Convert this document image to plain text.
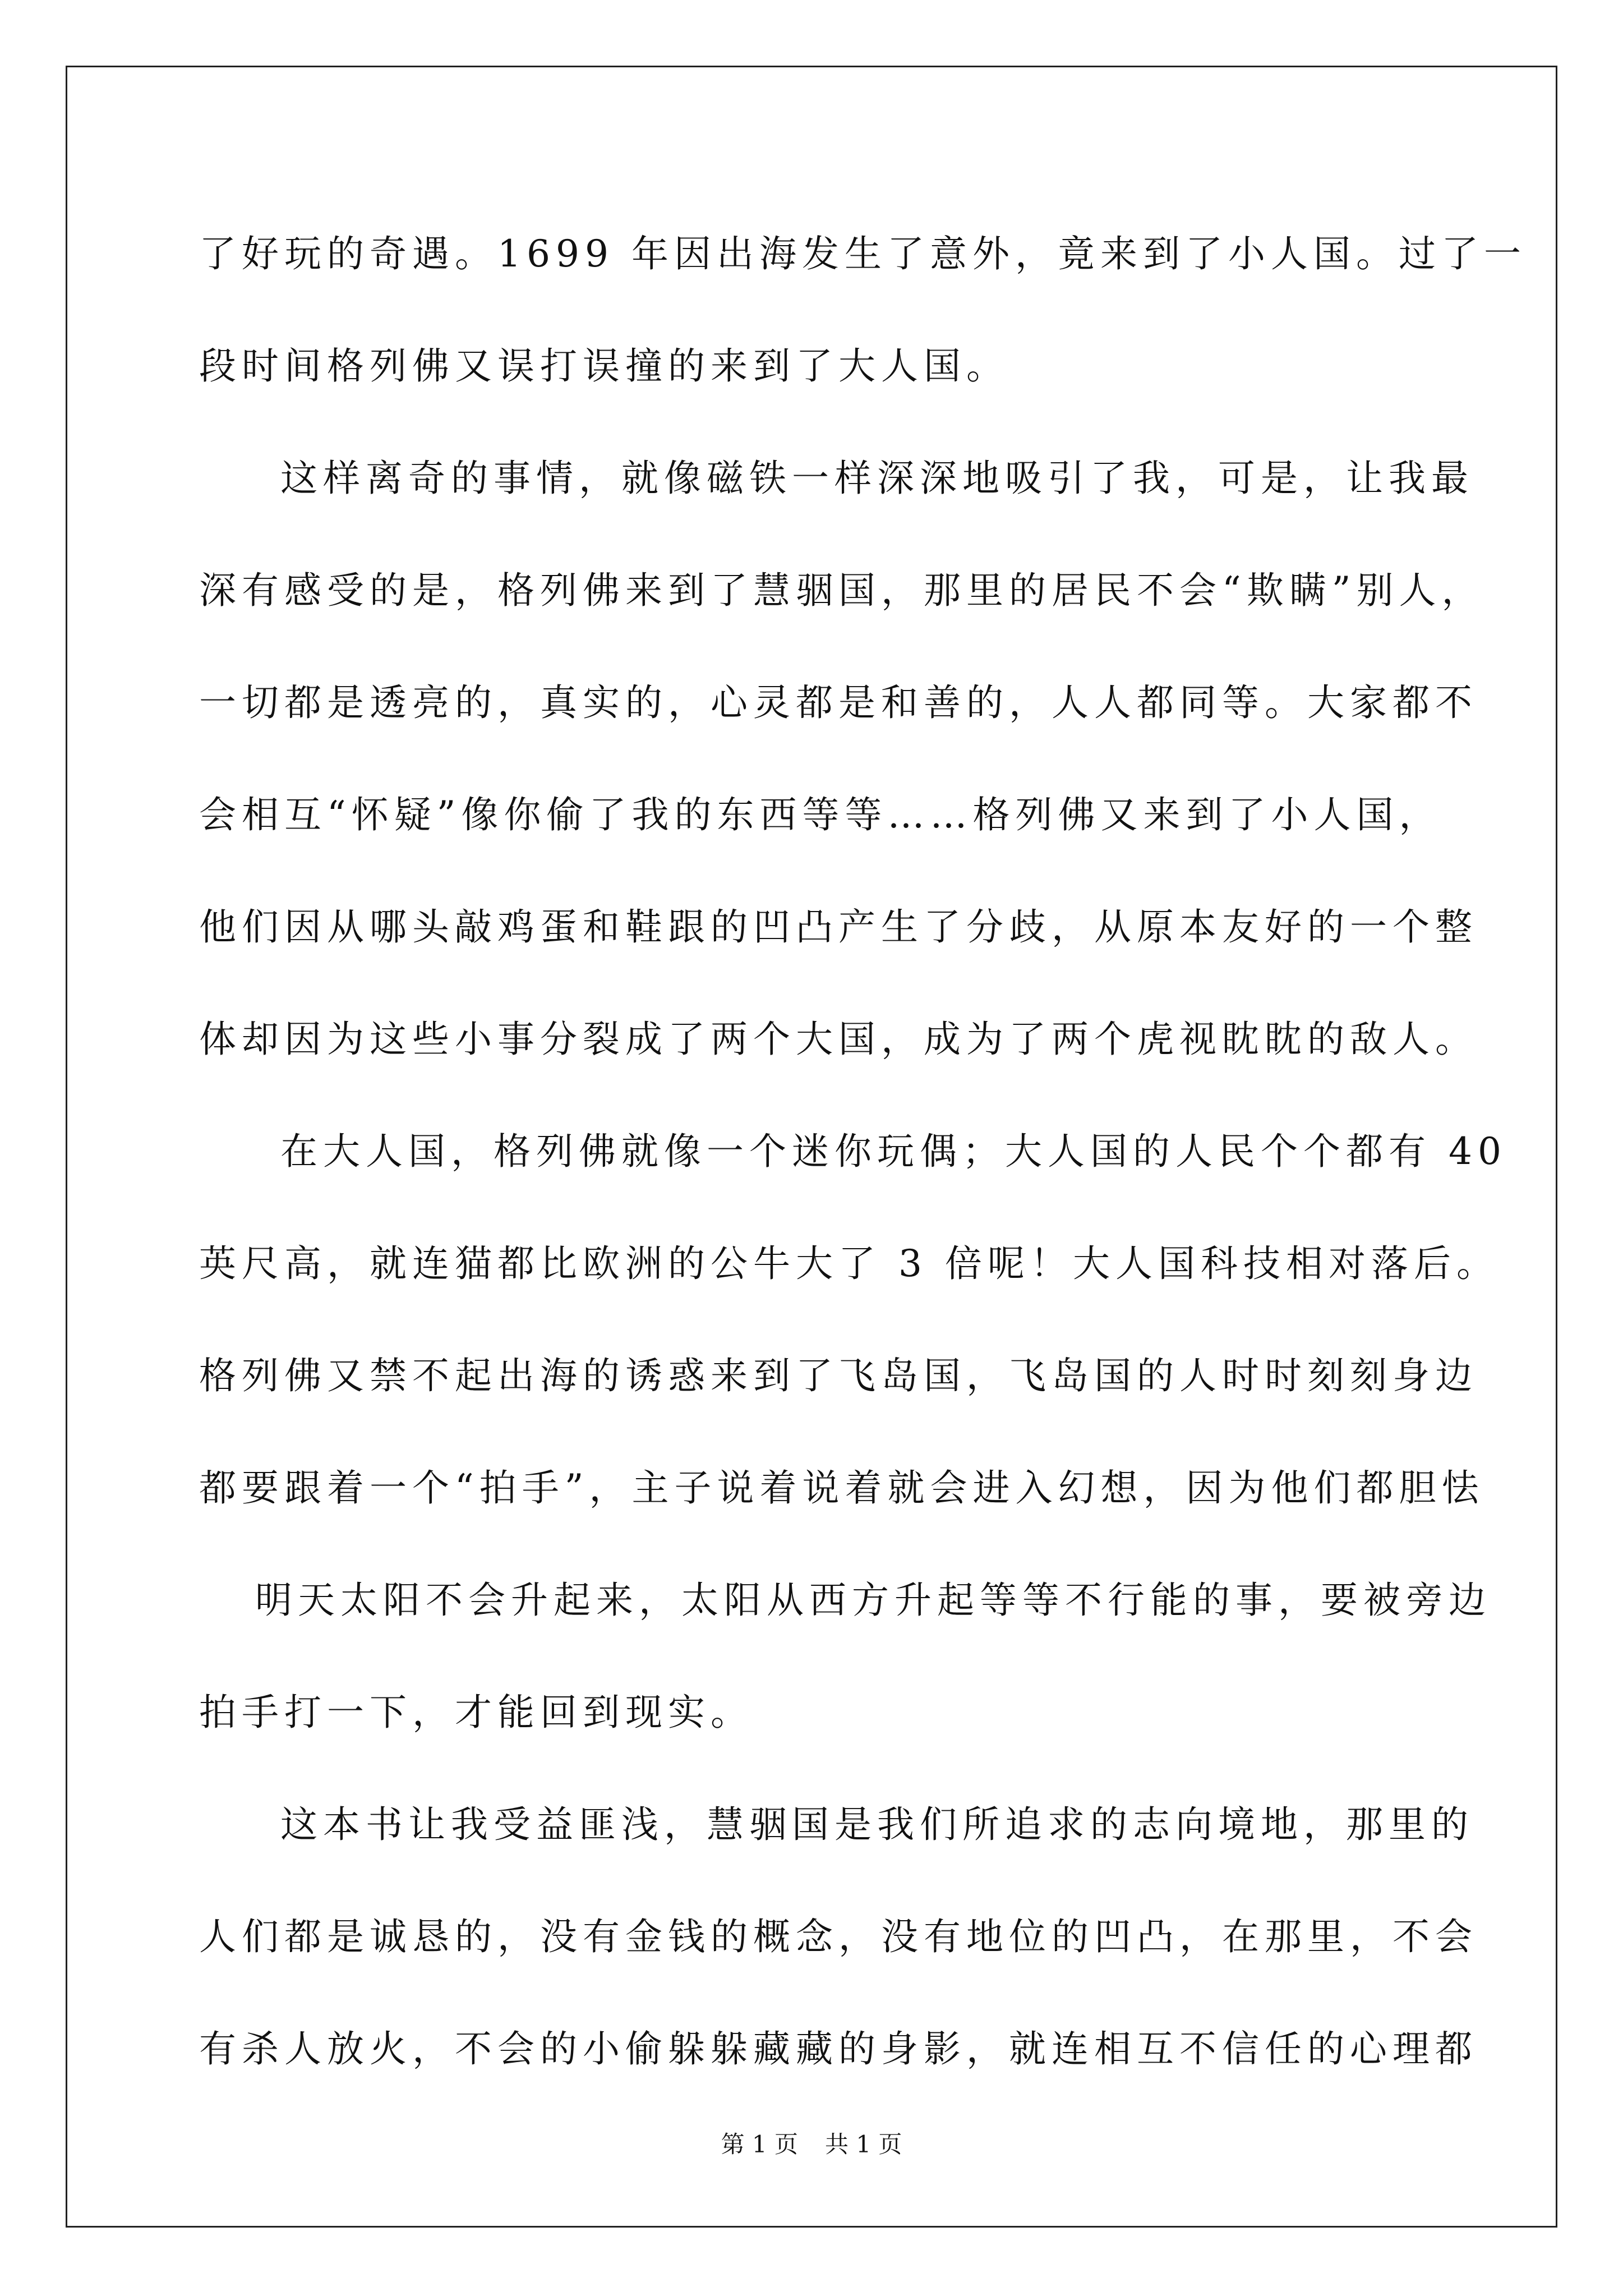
了好玩的奇遇。1699 年因出海发生了意外，竟来到了小人国。过了一
段时间格列佛又误打误撞的来到了大人国。
这样离奇的事情，就像磁铁一样深深地吸引了我，可是，让我最
深有感受的是，格列佛来到了慧骃国，那里的居民不会“欺瞒”别人，
一切都是透亮的，真实的，心灵都是和善的，人人都同等。大家都不
会相互“怀疑”像你偷了我的东西等等……格列佛又来到了小人国，
他们因从哪头敲鸡蛋和鞋跟的凹凸产生了分歧，从原本友好的一个整
体却因为这些小事分裂成了两个大国，成为了两个虎视眈眈的敌人。
在大人国，格列佛就像一个迷你玩偶；大人国的人民个个都有 40
英尺高，就连猫都比欧洲的公牛大了 3 倍呢！大人国科技相对落后。
格列佛又禁不起出海的诱惑来到了飞岛国，飞岛国的人时时刻刻身边
都要跟着一个“拍手”，主子说着说着就会进入幻想，因为他们都胆怯
明天太阳不会升起来，太阳从西方升起等等不行能的事，要被旁边
拍手打一下，才能回到现实。
这本书让我受益匪浅，慧骃国是我们所追求的志向境地，那里的
人们都是诚恳的，没有金钱的概念，没有地位的凹凸，在那里，不会
有杀人放火，不会的小偷躲躲藏藏的身影，就连相互不信任的心理都
第 1 页 共 1 页
